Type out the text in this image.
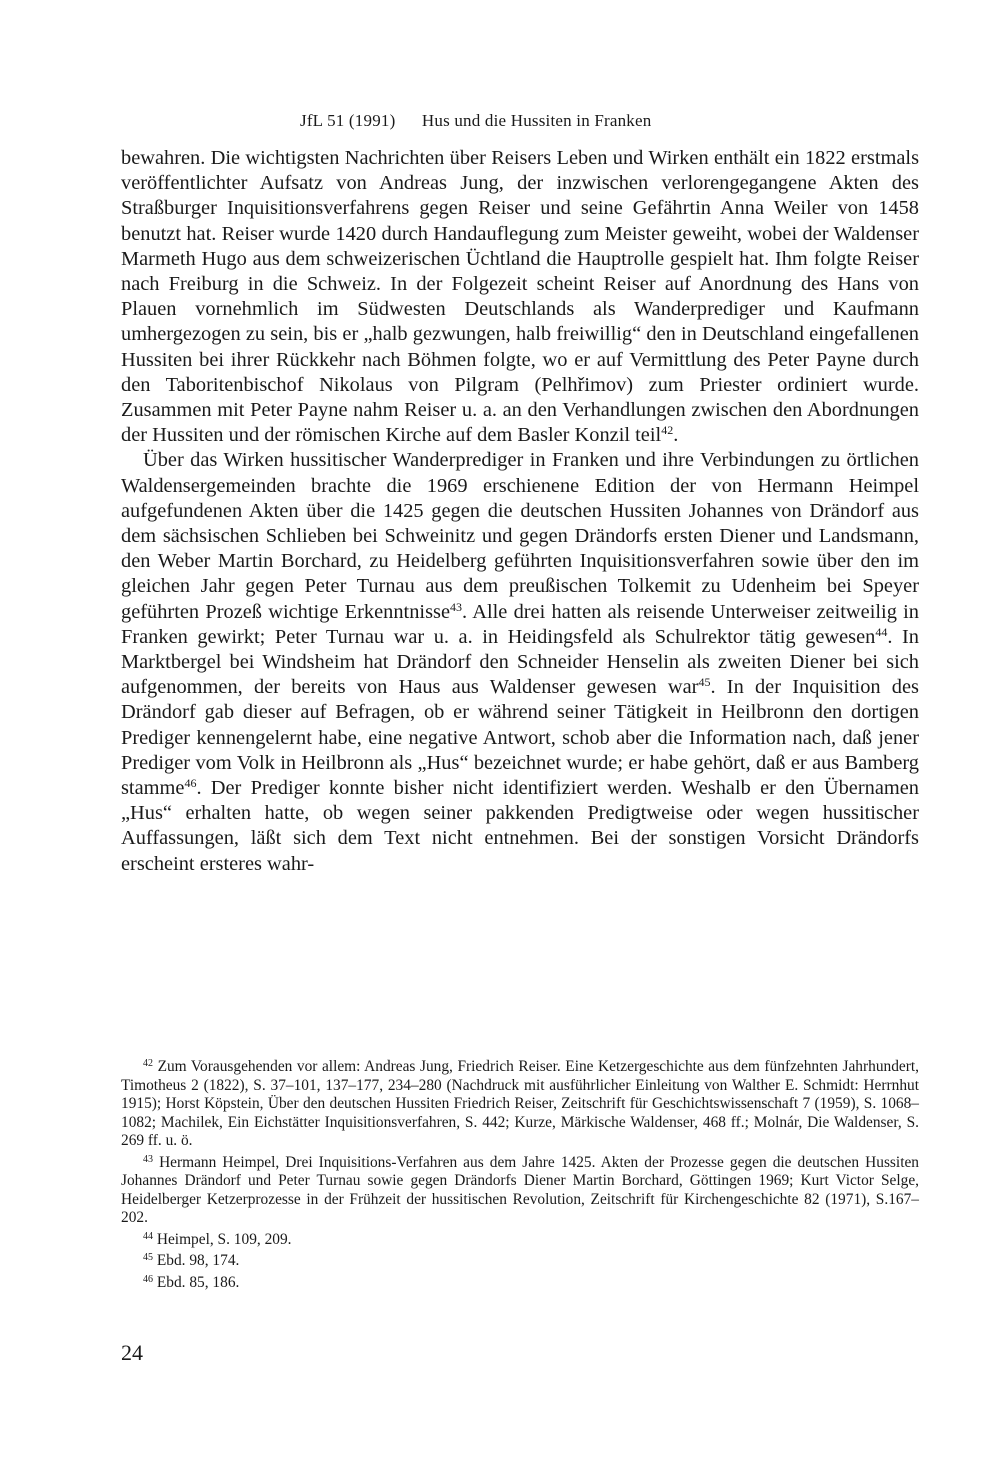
JfL 51 (1991) Hus und die Hussiten in Franken

bewahren. Die wichtigsten Nachrichten über Reisers Leben und Wirken enthält ein 1822 erstmals veröffentlichter Aufsatz von Andreas Jung, der inzwischen verlorengegangene Akten des Straßburger Inquisitionsverfahrens gegen Reiser und seine Gefährtin Anna Weiler von 1458 benutzt hat. Reiser wurde 1420 durch Handauflegung zum Meister geweiht, wobei der Waldenser Marmeth Hugo aus dem schweizerischen Üchtland die Hauptrolle gespielt hat. Ihm folgte Reiser nach Freiburg in die Schweiz. In der Folgezeit scheint Reiser auf Anordnung des Hans von Plauen vornehmlich im Südwesten Deutschlands als Wanderprediger und Kaufmann umhergezogen zu sein, bis er „halb gezwungen, halb freiwillig“ den in Deutschland eingefallenen Hussiten bei ihrer Rückkehr nach Böhmen folgte, wo er auf Vermittlung des Peter Payne durch den Taboritenbischof Nikolaus von Pilgram (Pelhřimov) zum Priester ordiniert wurde. Zusammen mit Peter Payne nahm Reiser u. a. an den Verhandlungen zwischen den Abordnungen der Hussiten und der römischen Kirche auf dem Basler Konzil teil$^{42}$.

Über das Wirken hussitischer Wanderprediger in Franken und ihre Verbindungen zu örtlichen Waldensergemeinden brachte die 1969 erschienene Edition der von Hermann Heimpel aufgefundenen Akten über die 1425 gegen die deutschen Hussiten Johannes von Drändorf aus dem sächsischen Schlieben bei Schweinitz und gegen Drändorfs ersten Diener und Landsmann, den Weber Martin Borchard, zu Heidelberg geführten Inquisitionsverfahren sowie über den im gleichen Jahr gegen Peter Turnau aus dem preußischen Tolkemit zu Udenheim bei Speyer geführten Prozeß wichtige Erkenntnisse$^{43}$. Alle drei hatten als reisende Unterweiser zeitweilig in Franken gewirkt; Peter Turnau war u. a. in Heidingsfeld als Schulrektor tätig gewesen$^{44}$. In Marktbergel bei Windsheim hat Drändorf den Schneider Henselin als zweiten Diener bei sich aufgenommen, der bereits von Haus aus Waldenser gewesen war$^{45}$. In der Inquisition des Drändorf gab dieser auf Befragen, ob er während seiner Tätigkeit in Heilbronn den dortigen Prediger kennengelernt habe, eine negative Antwort, schob aber die Information nach, daß jener Prediger vom Volk in Heilbronn als „Hus“ bezeichnet wurde; er habe gehört, daß er aus Bamberg stamme$^{46}$. Der Prediger konnte bisher nicht identifiziert werden. Weshalb er den Übernamen „Hus“ erhalten hatte, ob wegen seiner pakkenden Predigtweise oder wegen hussitischer Auffassungen, läßt sich dem Text nicht entnehmen. Bei der sonstigen Vorsicht Drändorfs erscheint ersteres wahr-

$^{42}$ Zum Vorausgehenden vor allem: Andreas Jung, Friedrich Reiser. Eine Ketzergeschichte aus dem fünfzehnten Jahrhundert, Timotheus 2 (1822), S. 37–101, 137–177, 234–280 (Nachdruck mit ausführlicher Einleitung von Walther E. Schmidt: Herrnhut 1915); Horst Köpstein, Über den deutschen Hussiten Friedrich Reiser, Zeitschrift für Geschichtswissenschaft 7 (1959), S. 1068–1082; Machilek, Ein Eichstätter Inquisitionsverfahren, S. 442; Kurze, Märkische Waldenser, 468 ff.; Molnár, Die Waldenser, S. 269 ff. u. ö.

$^{43}$ Hermann Heimpel, Drei Inquisitions-Verfahren aus dem Jahre 1425. Akten der Prozesse gegen die deutschen Hussiten Johannes Drändorf und Peter Turnau sowie gegen Drändorfs Diener Martin Borchard, Göttingen 1969; Kurt Victor Selge, Heidelberger Ketzerprozesse in der Frühzeit der hussitischen Revolution, Zeitschrift für Kirchengeschichte 82 (1971), S.167–202.

$^{44}$ Heimpel, S. 109, 209.

$^{45}$ Ebd. 98, 174.

$^{46}$ Ebd. 85, 186.

24
